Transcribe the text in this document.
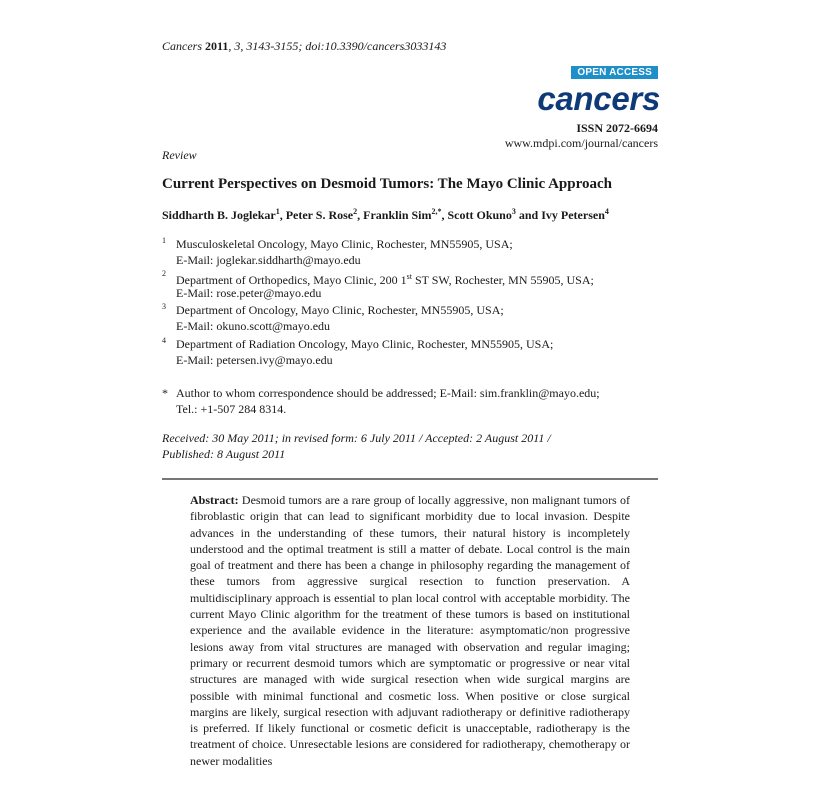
Cancers 2011, 3, 3143-3155; doi:10.3390/cancers3033143
OPEN ACCESS
cancers
ISSN 2072-6694
www.mdpi.com/journal/cancers
Review
Current Perspectives on Desmoid Tumors: The Mayo Clinic Approach
Siddharth B. Joglekar$^1$, Peter S. Rose$^2$, Franklin Sim$^{2,*}$, Scott Okuno$^3$ and Ivy Petersen$^4$
1 Musculoskeletal Oncology, Mayo Clinic, Rochester, MN55905, USA;
E-Mail: joglekar.siddharth@mayo.edu
2 Department of Orthopedics, Mayo Clinic, 200 1st ST SW, Rochester, MN 55905, USA;
E-Mail: rose.peter@mayo.edu
3 Department of Oncology, Mayo Clinic, Rochester, MN55905, USA;
E-Mail: okuno.scott@mayo.edu
4 Department of Radiation Oncology, Mayo Clinic, Rochester, MN55905, USA;
E-Mail: petersen.ivy@mayo.edu
* Author to whom correspondence should be addressed; E-Mail: sim.franklin@mayo.edu;
Tel.: +1-507 284 8314.
Received: 30 May 2011; in revised form: 6 July 2011 / Accepted: 2 August 2011 / Published: 8 August 2011
Abstract: Desmoid tumors are a rare group of locally aggressive, non malignant tumors of fibroblastic origin that can lead to significant morbidity due to local invasion. Despite advances in the understanding of these tumors, their natural history is incompletely understood and the optimal treatment is still a matter of debate. Local control is the main goal of treatment and there has been a change in philosophy regarding the management of these tumors from aggressive surgical resection to function preservation. A multidisciplinary approach is essential to plan local control with acceptable morbidity. The current Mayo Clinic algorithm for the treatment of these tumors is based on institutional experience and the available evidence in the literature: asymptomatic/non progressive lesions away from vital structures are managed with observation and regular imaging; primary or recurrent desmoid tumors which are symptomatic or progressive or near vital structures are managed with wide surgical resection when wide surgical margins are possible with minimal functional and cosmetic loss. When positive or close surgical margins are likely, surgical resection with adjuvant radiotherapy or definitive radiotherapy is preferred. If likely functional or cosmetic deficit is unacceptable, radiotherapy is the treatment of choice. Unresectable lesions are considered for radiotherapy, chemotherapy or newer modalities
